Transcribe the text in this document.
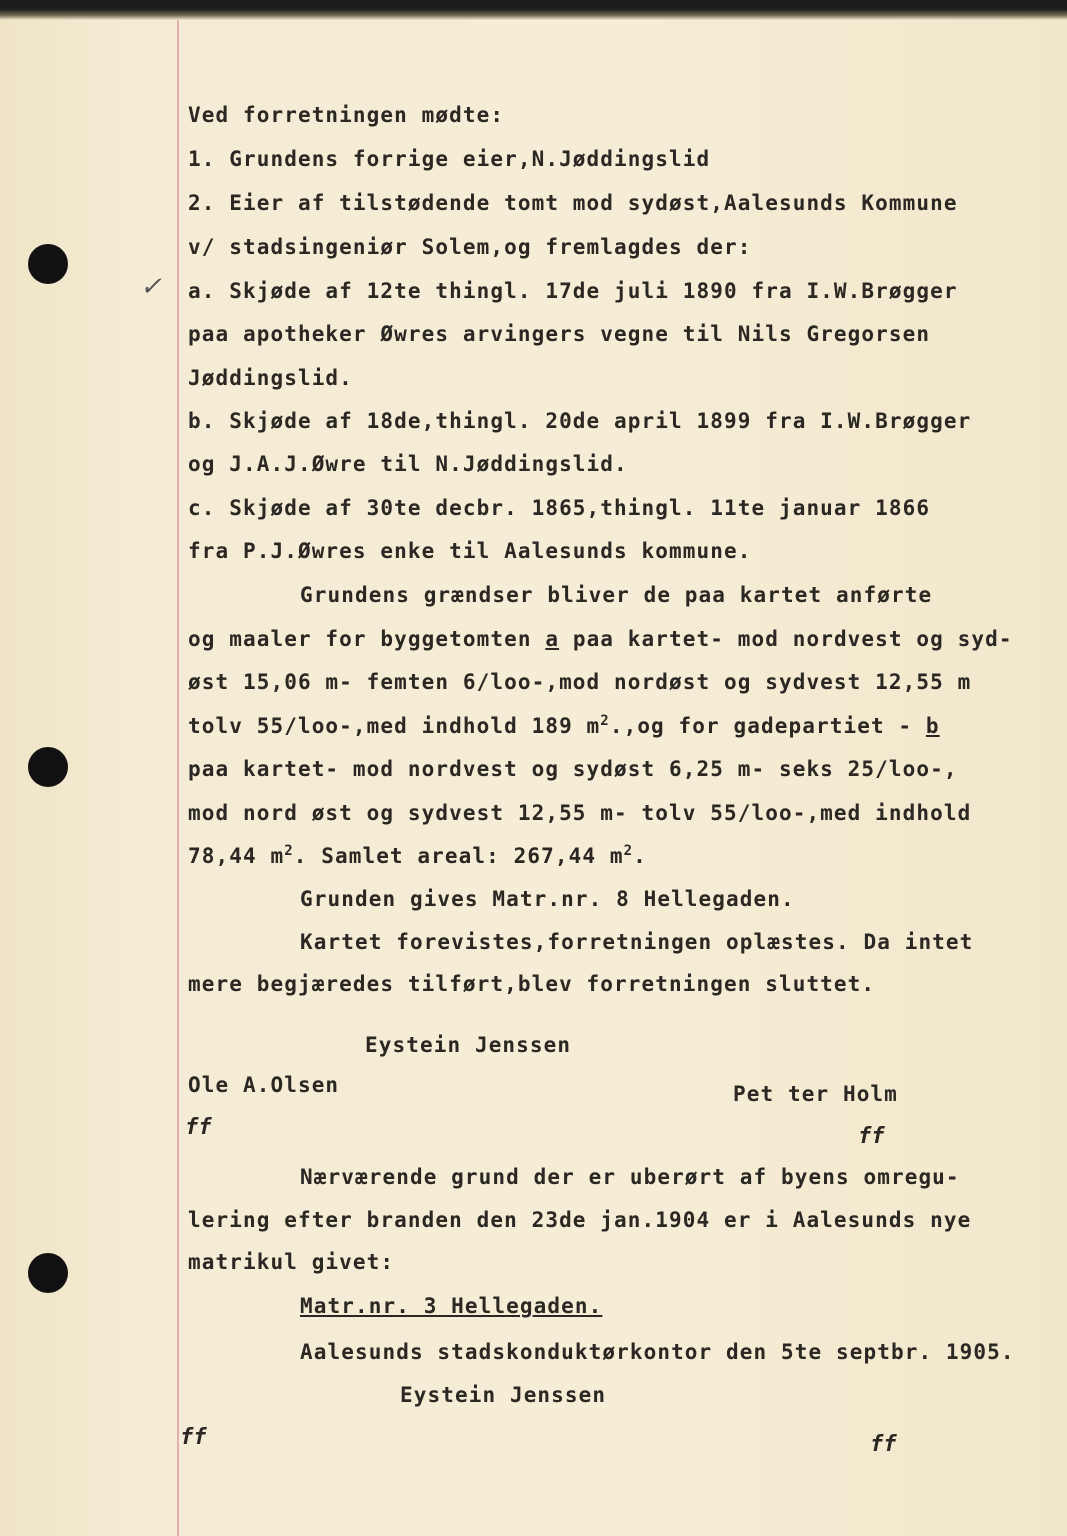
✓
Ved forretningen mødte:
1. Grundens forrige eier,N.Jøddingslid
2. Eier af tilstødende tomt mod sydøst,Aalesunds Kommune
v/ stadsingeniør Solem,og fremlagdes der:
a. Skjøde af 12te thingl. 17de juli 1890 fra I.W.Brøgger
paa apotheker Øwres arvingers vegne til Nils Gregorsen
Jøddingslid.
b. Skjøde af 18de,thingl. 20de april 1899 fra I.W.Brøgger
og J.A.J.Øwre til N.Jøddingslid.
c. Skjøde af 30te decbr. 1865,thingl. 11te januar 1866
fra P.J.Øwres enke til Aalesunds kommune.
Grundens grændser bliver de paa kartet anførte
og maaler for byggetomten a paa kartet- mod nordvest og syd-
øst 15,06 m- femten 6/loo-,mod nordøst og sydvest 12,55 m
tolv 55/loo-,med indhold 189 $m^2.,og$ for gadepartiet - b
paa kartet- mod nordvest og sydøst 6,25 m- seks 25/loo-,
mod nord øst og sydvest 12,55 m- tolv 55/loo-,med indhold
78,44 $m^2$. Samlet areal: 267,44 $m^2$.
Grunden gives Matr.nr. 8 Hellegaden.
Kartet forevistes,forretningen oplæstes. Da intet
mere begjæredes tilført,blev forretningen sluttet.
Eystein Jenssen
Ole A.Olsen	Pet ter Holm
ff	ff
Nærværende grund der er uberørt af byens omregu-
lering efter branden den 23de jan.1904 er i Aalesunds nye
matrikul givet:
Matr.nr. 3 Hellegaden.
Aalesunds stadskonduktørkontor den 5te septbr. 1905.
Eystein Jenssen
ff	ff
